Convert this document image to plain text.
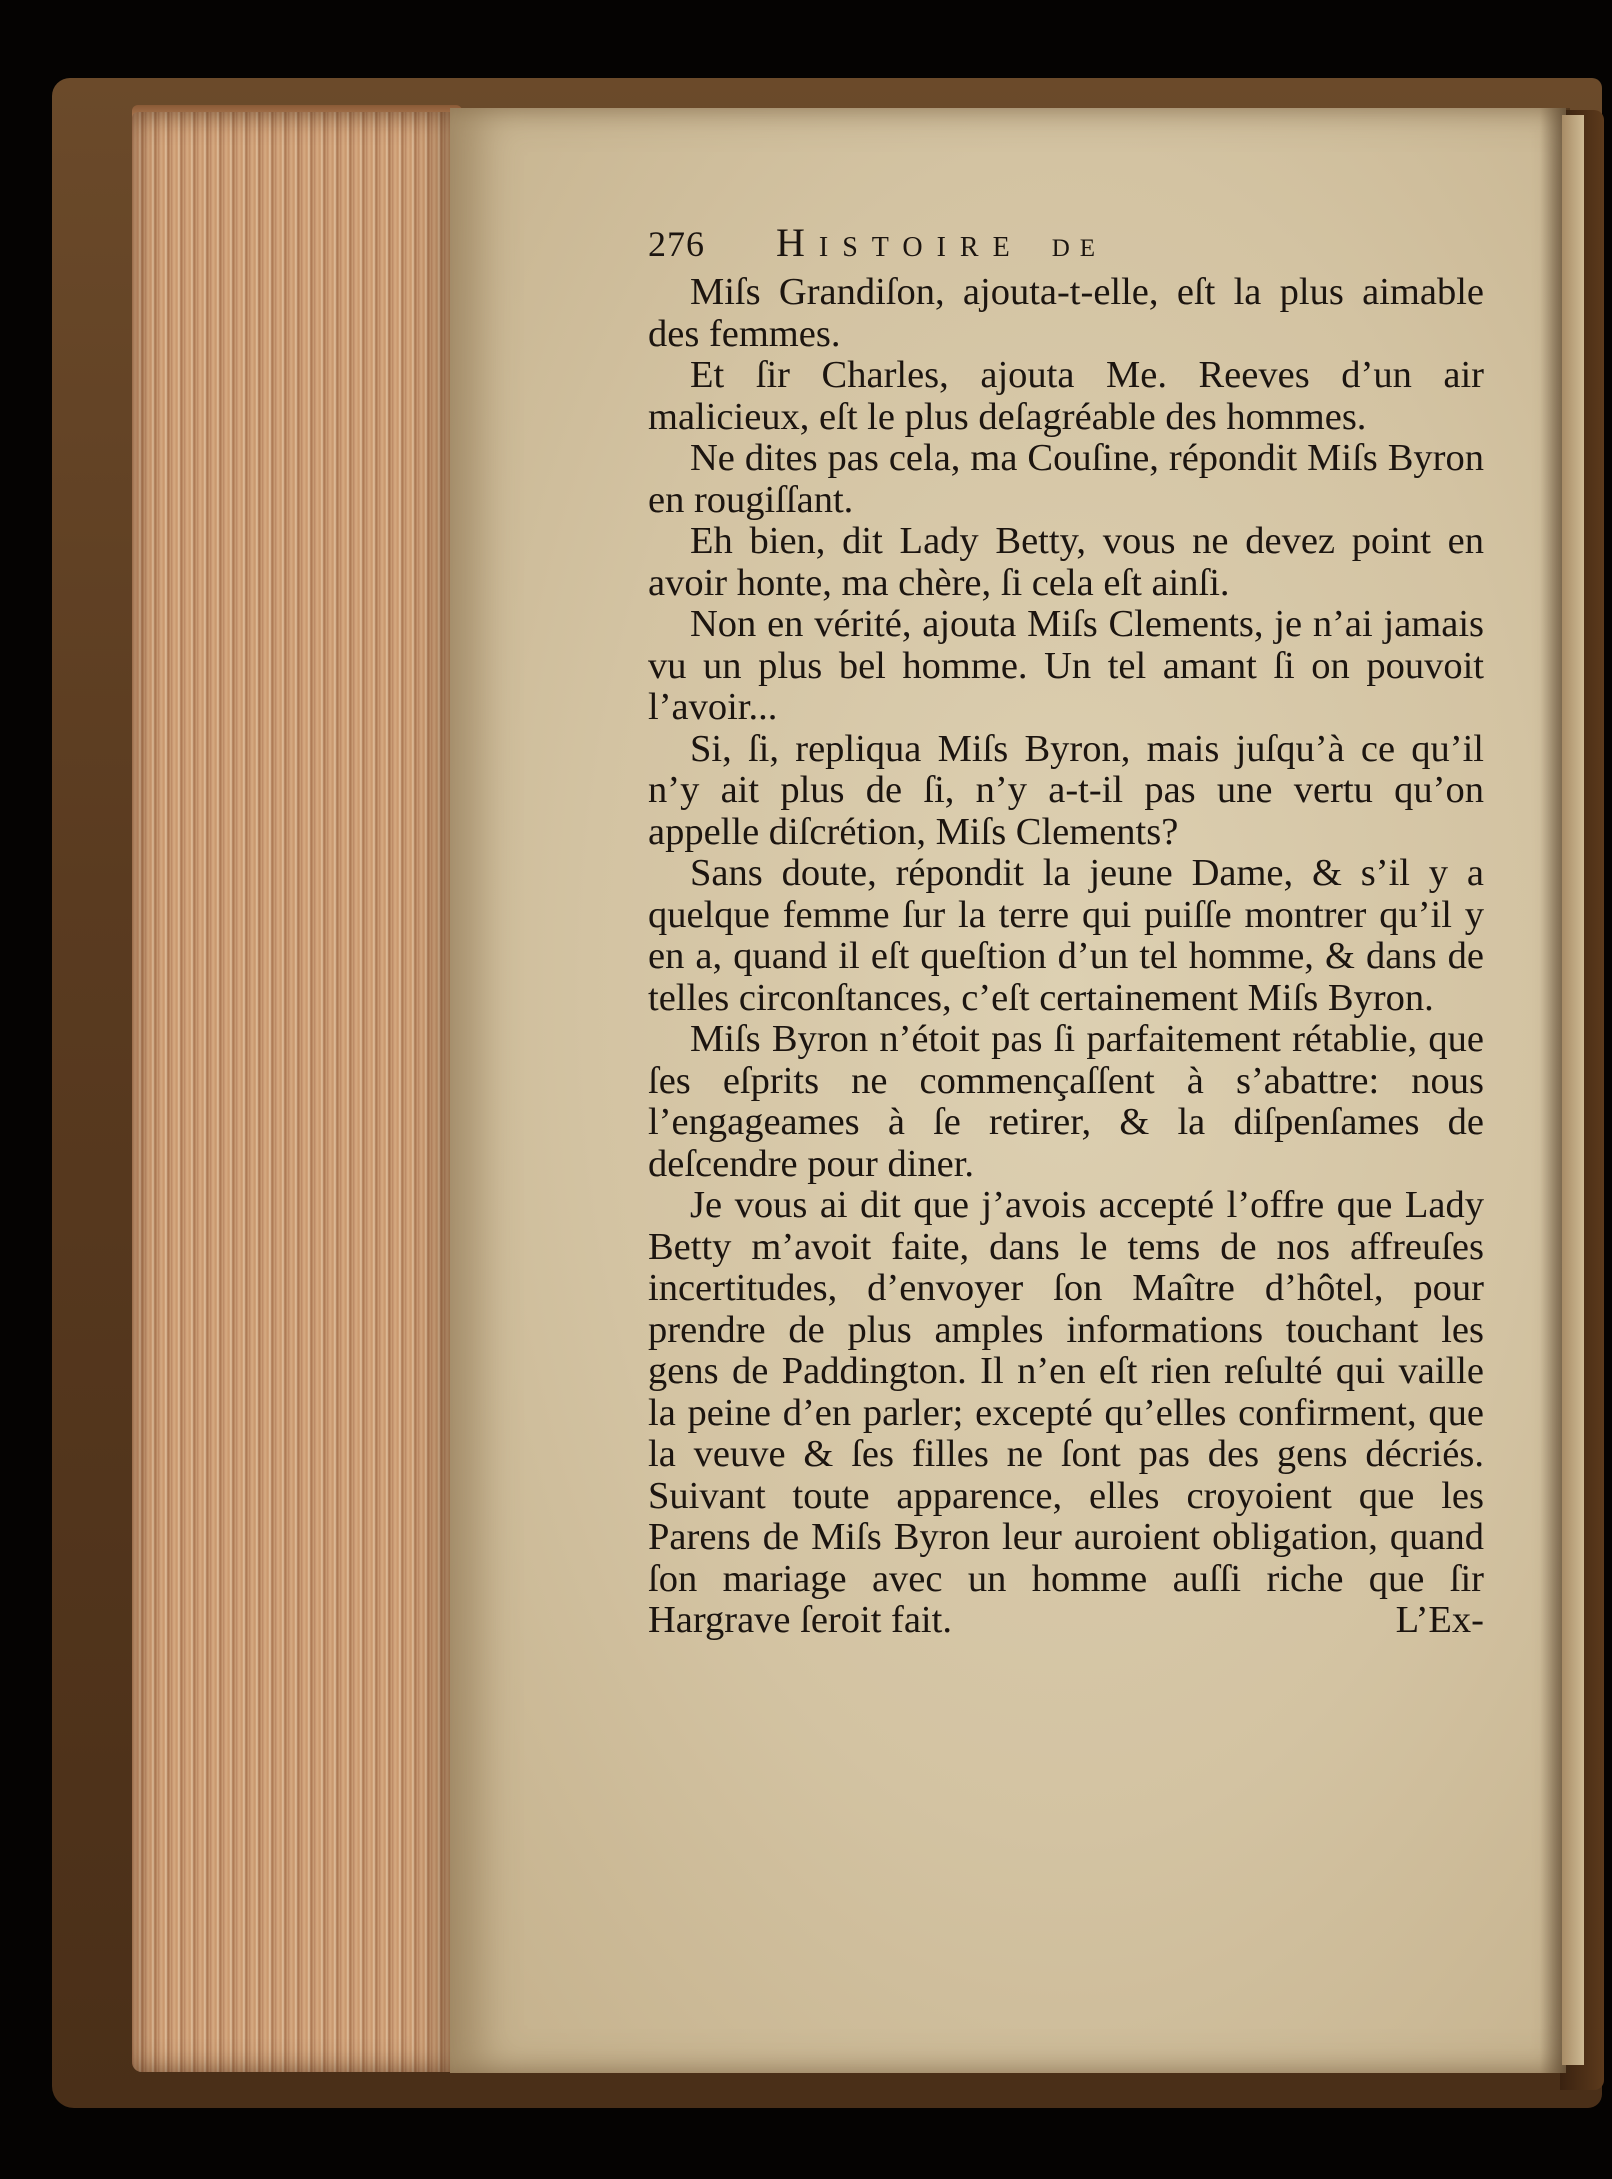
276	Histoire de

Miſs Grandiſon, ajouta-t-elle, eſt la plus aimable des femmes.

Et ſir Charles, ajouta Me. Reeves d’un air malicieux, eſt le plus deſagréable des hommes.

Ne dites pas cela, ma Couſine, répondit Miſs Byron en rougiſſant.

Eh bien, dit Lady Betty, vous ne devez point en avoir honte, ma chère, ſi cela eſt ainſi.

Non en vérité, ajouta Miſs Clements, je n’ai jamais vu un plus bel homme. Un tel amant ſi on pouvoit l’avoir...

Si, ſi, repliqua Miſs Byron, mais juſqu’à ce qu’il n’y ait plus de ſi, n’y a-t-il pas une vertu qu’on appelle diſcrétion, Miſs Clements?

Sans doute, répondit la jeune Dame, & s’il y a quelque femme ſur la terre qui puiſſe montrer qu’il y en a, quand il eſt queſtion d’un tel homme, & dans de telles circonſtances, c’eſt certainement Miſs Byron.

Miſs Byron n’étoit pas ſi parfaitement rétablie, que ſes eſprits ne commençaſſent à s’abattre: nous l’engageames à ſe retirer, & la diſpenſames de deſcendre pour diner.

Je vous ai dit que j’avois accepté l’offre que Lady Betty m’avoit faite, dans le tems de nos affreuſes incertitudes, d’envoyer ſon Maître d’hôtel, pour prendre de plus amples informations touchant les gens de Paddington. Il n’en eſt rien reſulté qui vaille la peine d’en parler; excepté qu’elles confirment, que la veuve & ſes filles ne ſont pas des gens décriés. Suivant toute apparence, elles croyoient que les Parens de Miſs Byron leur auroient obligation, quand ſon mariage avec un homme auſſi riche que ſir Hargrave ſeroit fait.	L’Ex-
